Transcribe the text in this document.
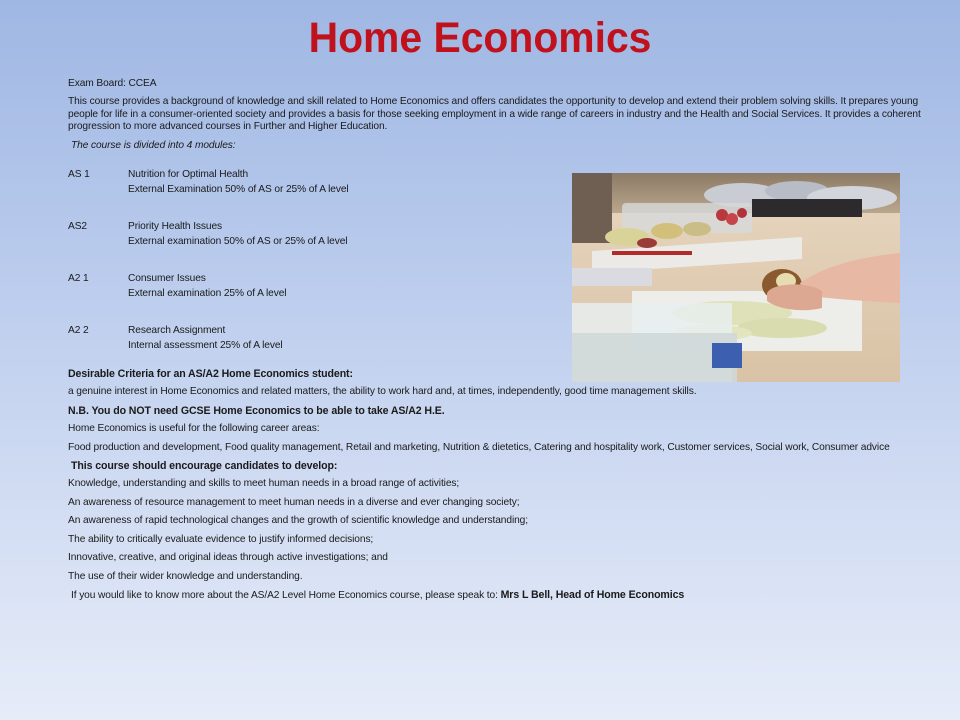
Home Economics
Exam Board: CCEA
This course provides a background of knowledge and skill related to Home Economics and offers candidates the opportunity to develop and extend their problem solving skills. It prepares young people for life in a consumer-oriented society and provides a basis for those seeking employment in a wide range of careers in industry and the Health and Social Services. It provides a coherent progression to more advanced courses in Further and Higher Education.
The course is divided into 4 modules:
AS 1	Nutrition for Optimal Health
External Examination 50% of AS or 25% of A level
AS2	Priority Health Issues
External examination 50% of AS or 25% of A level
A2 1	Consumer Issues
External examination 25% of A level
A2 2	Research Assignment
Internal assessment 25% of A level
Desirable Criteria for an AS/A2 Home Economics student:
a genuine interest in Home Economics and related matters, the ability to work hard and, at times, independently, good time management skills.
N.B. You do NOT need GCSE Home Economics to be able to take AS/A2 H.E.
Home Economics is useful for the following career areas:
Food production and development, Food quality management, Retail and marketing, Nutrition & dietetics, Catering and hospitality work, Customer services, Social work, Consumer advice
This course should encourage candidates to develop:
Knowledge, understanding and skills to meet human needs in a broad range of activities;
An awareness of resource management to meet human needs in a diverse and ever changing society;
An awareness of rapid technological changes and the growth of scientific knowledge and understanding;
The ability to critically evaluate evidence to justify informed decisions;
Innovative, creative, and original ideas through active investigations; and
The use of their wider knowledge and understanding.
If you would like to know more about the AS/A2 Level Home Economics course, please speak to: Mrs L Bell, Head of Home Economics
